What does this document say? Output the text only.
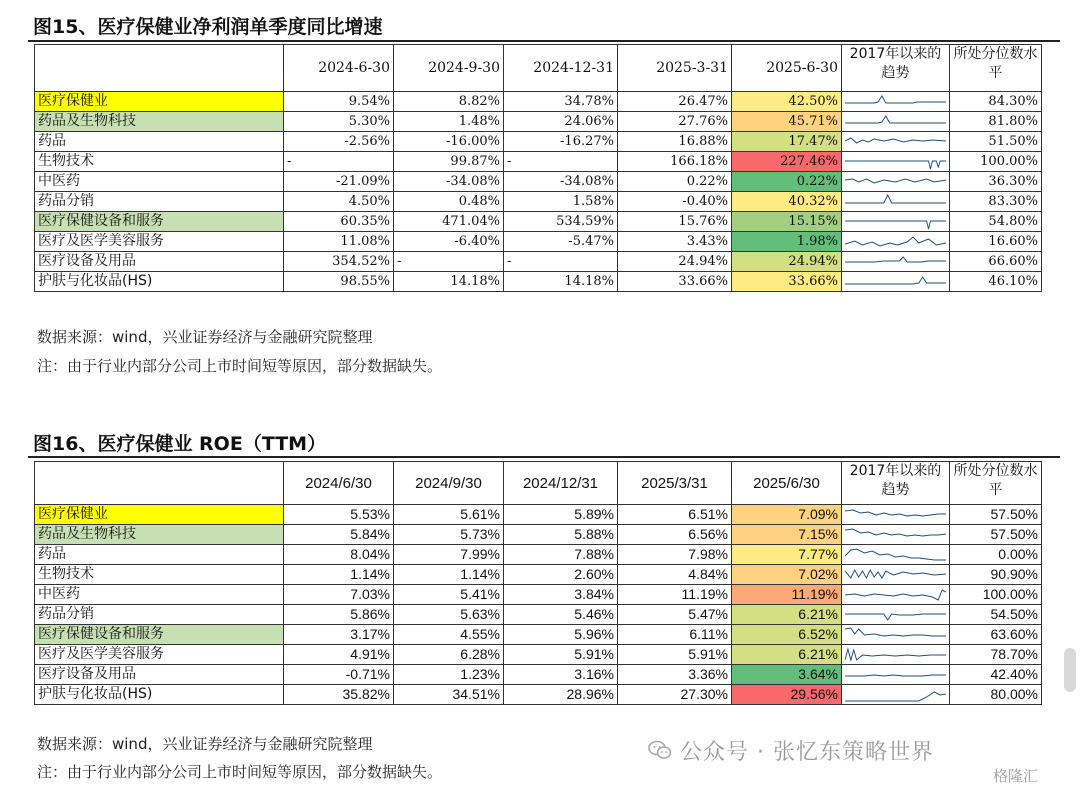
图15、医疗保健业净利润单季度同比增速
	2024-6-30	2024-9-30	2024-12-31	2025-3-31	2025-6-30	2017年以来的趋势	所处分位数水平
医疗保健业	9.54%	8.82%	34.78%	26.47%	42.50%		84.30%
药品及生物科技	5.30%	1.48%	24.06%	27.76%	45.71%		81.80%
药品	-2.56%	-16.00%	-16.27%	16.88%	17.47%		51.50%
生物技术	-	99.87%	-	166.18%	227.46%		100.00%
中医药	-21.09%	-34.08%	-34.08%	0.22%	0.22%		36.30%
药品分销	4.50%	0.48%	1.58%	-0.40%	40.32%		83.30%
医疗保健设备和服务	60.35%	471.04%	534.59%	15.76%	15.15%		54.80%
医疗及医学美容服务	11.08%	-6.40%	-5.47%	3.43%	1.98%		16.60%
医疗设备及用品	354.52%	-	-	24.94%	24.94%		66.60%
护肤与化妆品(HS)	98.55%	14.18%	14.18%	33.66%	33.66%		46.10%
	2024/6/30	2024/9/30	2024/12/31	2025/3/31	2025/6/30	2017年以来的趋势	所处分位数水平
医疗保健业	5.53%	5.61%	5.89%	6.51%	7.09%		57.50%
药品及生物科技	5.84%	5.73%	5.88%	6.56%	7.15%		57.50%
药品	8.04%	7.99%	7.88%	7.98%	7.77%		0.00%
生物技术	1.14%	1.14%	2.60%	4.84%	7.02%		90.90%
中医药	7.03%	5.41%	3.84%	11.19%	11.19%		100.00%
药品分销	5.86%	5.63%	5.46%	5.47%	6.21%		54.50%
医疗保健设备和服务	3.17%	4.55%	5.96%	6.11%	6.52%		63.60%
医疗及医学美容服务	4.91%	6.28%	5.91%	5.91%	6.21%		78.70%
医疗设备及用品	-0.71%	1.23%	3.16%	3.36%	3.64%		42.40%
护肤与化妆品(HS)	35.82%	34.51%	28.96%	27.30%	29.56%		80.00%
数据来源：wind，兴业证券经济与金融研究院整理
注：由于行业内部分公司上市时间短等原因，部分数据缺失。
图16、医疗保健业 ROE（TTM）
数据来源：wind，兴业证券经济与金融研究院整理
注：由于行业内部分公司上市时间短等原因，部分数据缺失。
公众号 · 张忆东策略世界
格隆汇
